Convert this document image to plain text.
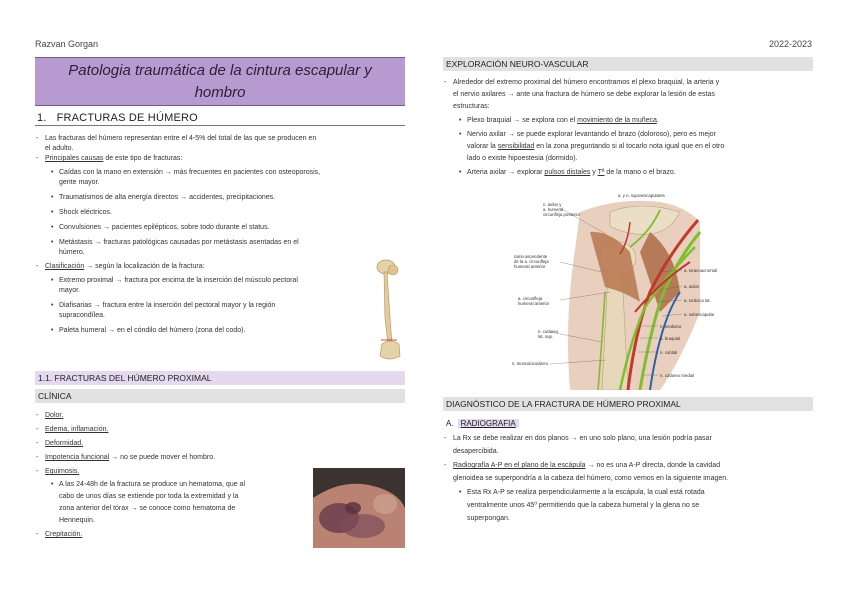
Razvan Gorgan	2022-2023
Patologia traumática de la cintura escapular y
hombro
1. FRACTURAS DE HÚMERO
- Las fracturas del húmero representan entre el 4-5% del total de las que se producen en
el adulto.
- Principales causas de este tipo de fracturas:
• Caídas con la mano en extensión → más frecuentes en pacientes con osteoporosis,
gente mayor.
• Traumatismos de alta energía directos → accidentes, precipitaciones.
• Shock eléctricos.
• Convulsiones → pacientes epilépticos, sobre todo durante el status.
• Metástasis → fracturas patológicas causadas por metástasis asentadas en el
húmero.
- Clasificación → según la localización de la fractura:
• Extremo proximal → fractura por encima de la inserción del músculo pectoral
mayor.
• Diafisarias → fractura entre la inserción del pectoral mayor y la región
supracondílea.
• Paleta humeral → en el cóndilo del húmero (zona del codo).
1.1. FRACTURAS DEL HÚMERO PROXIMAL
CLÍNICA
- Dolor.
- Edema, inflamación.
- Deformidad.
- Impotencia funcional → no se puede mover el hombro.
- Equimosis.
• A las 24-48h de la fractura se produce un hematoma, que al
cabo de unos días se extiende por toda la extremidad y la
zona anterior del tórax → se conoce como hematoma de
Hennequin.
- Crepitación.
EXPLORACIÓN NEURO-VASCULAR
- Alrededor del extremo proximal del húmero encontramos el plexo braquial, la arteria y
el nervio axilares → ante una fractura de húmero se debe explorar la lesión de estas
estructuras:
• Plexo braquial → se explora con el movimiento de la muñeca.
• Nervio axilar → se puede explorar levantando el brazo (doloroso), pero es mejor
valorar la sensibilidad en la zona preguntando si al tocarlo nota igual que en el otro
lado o existe hipoestesia (dormido).
• Arteria axilar → explorar pulsos distales y Tª de la mano o el brazo.
a. y n. supraescapulares
n. axilar y
a. humeral
circunfleja posterior
rama ascendente
de la a. circunfleja
humeral anterior
a. circunfleja
humeral anterior
n. cutáneo
lat. sup.
n. musculocutáneo
a. toracoacromial
a. axilar
a. torácica lat.
a. subescapular
n. mediano
a. braquial
n. cubital
n. cutáneo medial
DIAGNÓSTICO DE LA FRACTURA DE HÚMERO PROXIMAL
A. RADIOGRAFIA
- La Rx se debe realizar en dos planos → en uno solo plano, una lesión podría pasar
desapercibida.
- Radiografía A-P en el plano de la escápula → no es una A-P directa, donde la cavidad
glenoidea se superpondría a la cabeza del húmero, como vemos en la siguiente imagen.
• Esta Rx A-P se realiza perpendicularmente a la escápula, la cual está rotada
ventralmente unos 45º permitiendo que la cabeza humeral y la glena no se
superpongan.
